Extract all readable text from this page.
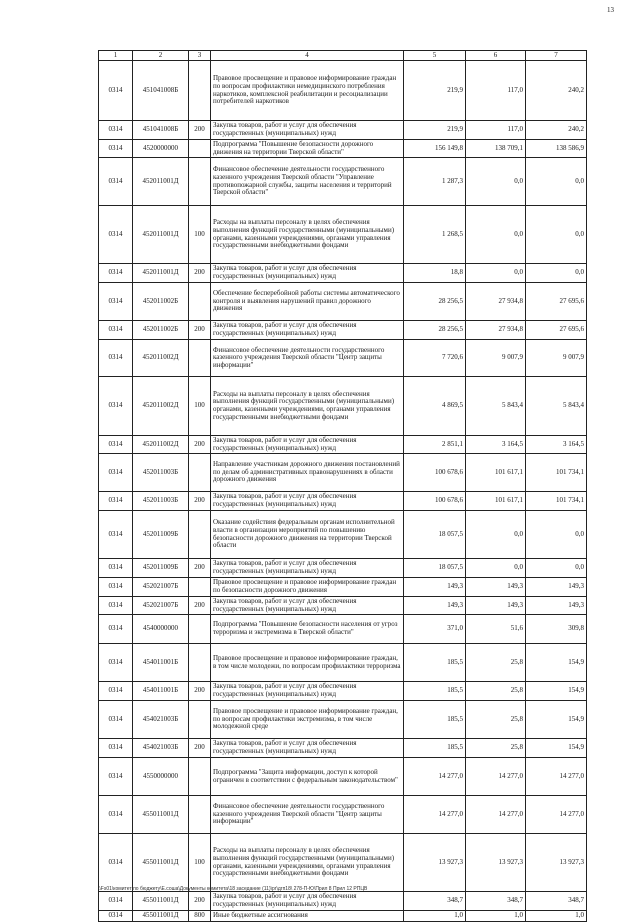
13
1	2	3	4	5	6	7
0314	451041008Б		Правовое просвещение и правовое информирование граждан по вопросам профилактики немедицинского потребления наркотиков, комплексной реабилитации и ресоциализации потребителей наркотиков	219,9	117,0	240,2
0314	451041008Б	200	Закупка товаров, работ и услуг для обеспечения государственных (муниципальных) нужд	219,9	117,0	240,2
0314	4520000000		Подпрограмма "Повышение безопасности дорожного движения на территории Тверской области"	156 149,8	138 709,1	138 586,9
0314	452011001Д		Финансовое обеспечение деятельности государственного казенного учреждения Тверской области "Управление противопожарной службы, защиты населения и территорий Тверской области"	1 287,3	0,0	0,0
0314	452011001Д	100	Расходы на выплаты персоналу в целях обеспечения выполнения функций государственными (муниципальными) органами, казенными учреждениями, органами управления государственными внебюджетными фондами	1 268,5	0,0	0,0
0314	452011001Д	200	Закупка товаров, работ и услуг для обеспечения государственных (муниципальных) нужд	18,8	0,0	0,0
0314	452011002Б		Обеспечение бесперебойной работы системы автоматического контроля и выявления нарушений правил дорожного движения	28 256,5	27 934,8	27 695,6
0314	452011002Б	200	Закупка товаров, работ и услуг для обеспечения государственных (муниципальных) нужд	28 256,5	27 934,8	27 695,6
0314	452011002Д		Финансовое обеспечение деятельности государственного казенного учреждения Тверской области "Центр защиты информации"	7 720,6	9 007,9	9 007,9
0314	452011002Д	100	Расходы на выплаты персоналу в целях обеспечения выполнения функций государственными (муниципальными) органами, казенными учреждениями, органами управления государственными внебюджетными фондами	4 869,5	5 843,4	5 843,4
0314	452011002Д	200	Закупка товаров, работ и услуг для обеспечения государственных (муниципальных) нужд	2 851,1	3 164,5	3 164,5
0314	452011003Б		Направление участникам дорожного движения постановлений по делам об административных правонарушениях в области дорожного движения	100 678,6	101 617,1	101 734,1
0314	452011003Б	200	Закупка товаров, работ и услуг для обеспечения государственных (муниципальных) нужд	100 678,6	101 617,1	101 734,1
0314	452011009Б		Оказание содействия федеральным органам исполнительной власти в организации мероприятий по повышению безопасности дорожного движения на территории Тверской области	18 057,5	0,0	0,0
0314	452011009Б	200	Закупка товаров, работ и услуг для обеспечения государственных (муниципальных) нужд	18 057,5	0,0	0,0
0314	452021007Б		Правовое просвещение и правовое информирование граждан по безопасности дорожного движения	149,3	149,3	149,3
0314	452021007Б	200	Закупка товаров, работ и услуг для обеспечения государственных (муниципальных) нужд	149,3	149,3	149,3
0314	4540000000		Подпрограмма "Повышение безопасности населения от угроз терроризма и экстремизма в Тверской области"	371,0	51,6	309,8
0314	454011001Б		Правовое просвещение и правовое информирование граждан, в том числе молодежи, по вопросам профилактики терроризма	185,5	25,8	154,9
0314	454011001Б	200	Закупка товаров, работ и услуг для обеспечения государственных (муниципальных) нужд	185,5	25,8	154,9
0314	454021003Б		Правовое просвещение и правовое информирование граждан, по вопросам профилактики экстремизма, в том числе молодежной среде	185,5	25,8	154,9
0314	454021003Б	200	Закупка товаров, работ и услуг для обеспечения государственных (муниципальных) нужд	185,5	25,8	154,9
0314	4550000000		Подпрограмма "Защита информации, доступ к которой ограничен в соответствии с федеральным законодательством"	14 277,0	14 277,0	14 277,0
0314	455011001Д		Финансовое обеспечение деятельности государственного казенного учреждения Тверской области "Центр защиты информации"	14 277,0	14 277,0	14 277,0
0314	455011001Д	100	Расходы на выплаты персоналу в целях обеспечения выполнения функций государственными (муниципальными) органами, казенными учреждениями, органами управления государственными внебюджетными фондами	13 927,3	13 927,3	13 927,3
0314	455011001Д	200	Закупка товаров, работ и услуг для обеспечения государственных (муниципальных) нужд	348,7	348,7	348,7
0314	455011001Д	800	Иные бюджетные ассигнования	1,0	1,0	1,0
\\Fs01\комитет по бюджету\Е.соша\Документы комитета\18 заседание (11)\pr\дгп18\ 278-П-Ю\Прил 8 Прил 12 РПЦВ
